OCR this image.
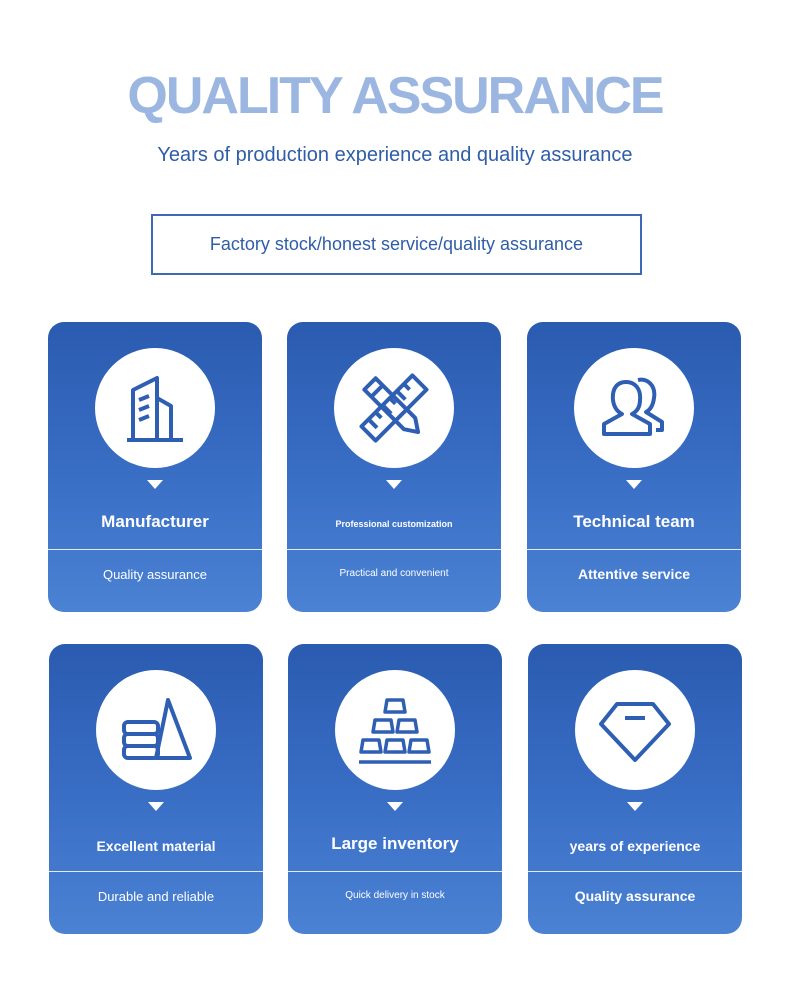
QUALITY ASSURANCE
Years of production experience and quality assurance
Factory stock/honest service/quality assurance
Manufacturer
Quality assurance
Professional customization
Practical and convenient
Technical team
Attentive service
Excellent material
Durable and reliable
Large inventory
Quick delivery in stock
years of experience
Quality assurance
